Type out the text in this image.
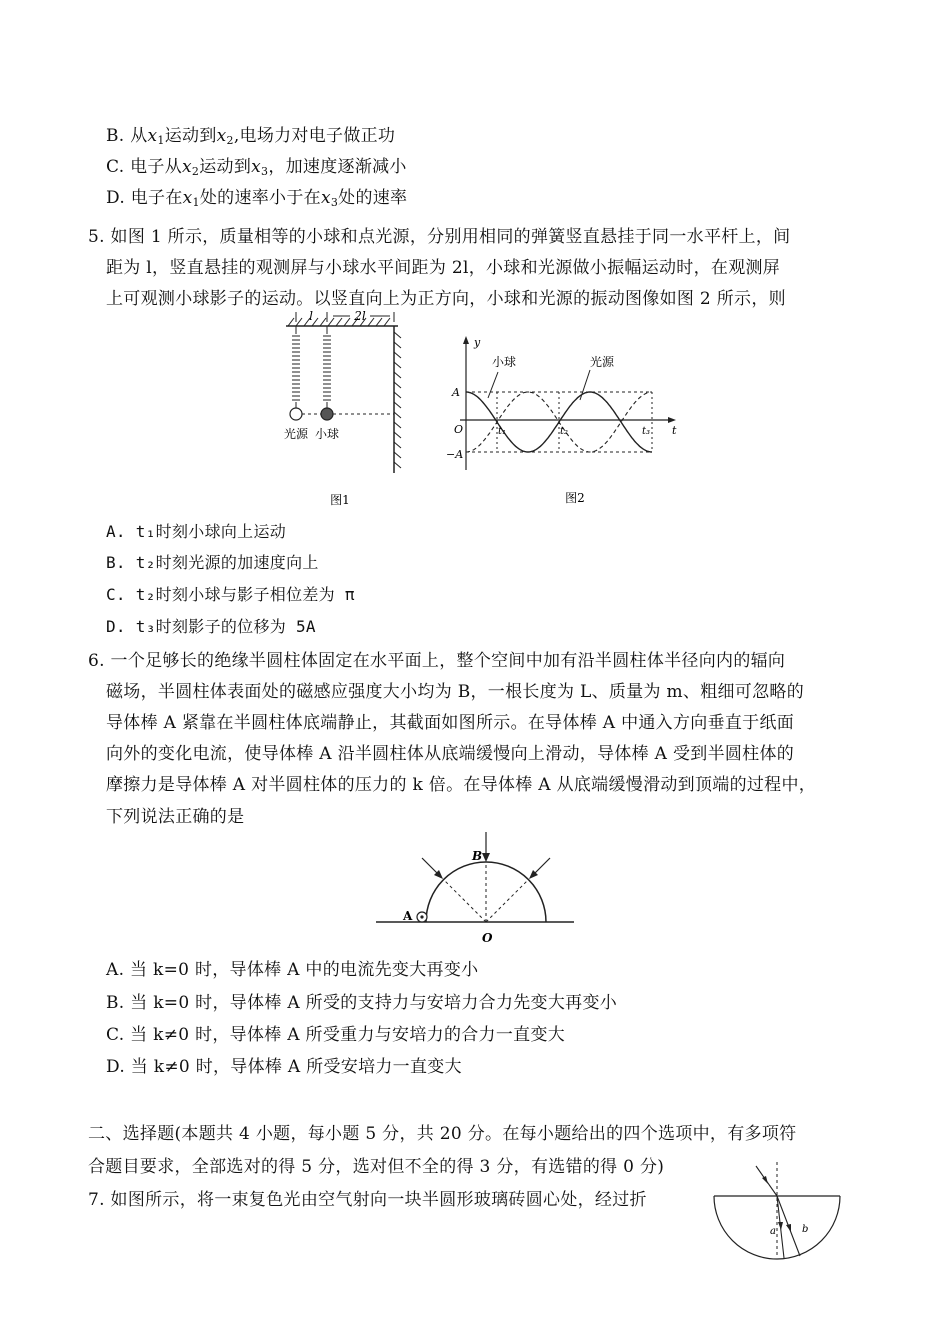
B. 从$x_1$运动到$x_2$,电场力对电子做正功
C. 电子从$x_2$运动到$x_3$，加速度逐渐减小
D. 电子在$x_1$处的速率小于在$x_3$处的速率
5. 如图 1 所示，质量相等的小球和点光源，分别用相同的弹簧竖直悬挂于同一水平杆上，间
距为 l，竖直悬挂的观测屏与小球水平间距为 2l，小球和光源做小振幅运动时，在观测屏
上可观测小球影子的运动。以竖直向上为正方向，小球和光源的振动图像如图 2 所示，则
l	2l
光源 小球
图1
y
t
O
A
−A
t₁	t₂	t₃
小球	光源
图2
A. t₁时刻小球向上运动
B. t₂时刻光源的加速度向上
C. t₂时刻小球与影子相位差为 π
D. t₃时刻影子的位移为 5A
6. 一个足够长的绝缘半圆柱体固定在水平面上，整个空间中加有沿半圆柱体半径向内的辐向
磁场，半圆柱体表面处的磁感应强度大小均为 B，一根长度为 L、质量为 m、粗细可忽略的
导体棒 A 紧靠在半圆柱体底端静止，其截面如图所示。在导体棒 A 中通入方向垂直于纸面
向外的变化电流，使导体棒 A 沿半圆柱体从底端缓慢向上滑动，导体棒 A 受到半圆柱体的
摩擦力是导体棒 A 对半圆柱体的压力的 k 倍。在导体棒 A 从底端缓慢滑动到顶端的过程中，
下列说法正确的是
B
A
O
A. 当 k=0 时，导体棒 A 中的电流先变大再变小
B. 当 k=0 时，导体棒 A 所受的支持力与安培力合力先变大再变小
C. 当 k≠0 时，导体棒 A 所受重力与安培力的合力一直变大
D. 当 k≠0 时，导体棒 A 所受安培力一直变大
二、选择题(本题共 4 小题，每小题 5 分，共 20 分。在每小题给出的四个选项中，有多项符
合题目要求，全部选对的得 5 分，选对但不全的得 3 分，有选错的得 0 分)
7. 如图所示，将一束复色光由空气射向一块半圆形玻璃砖圆心处，经过折
a	b
